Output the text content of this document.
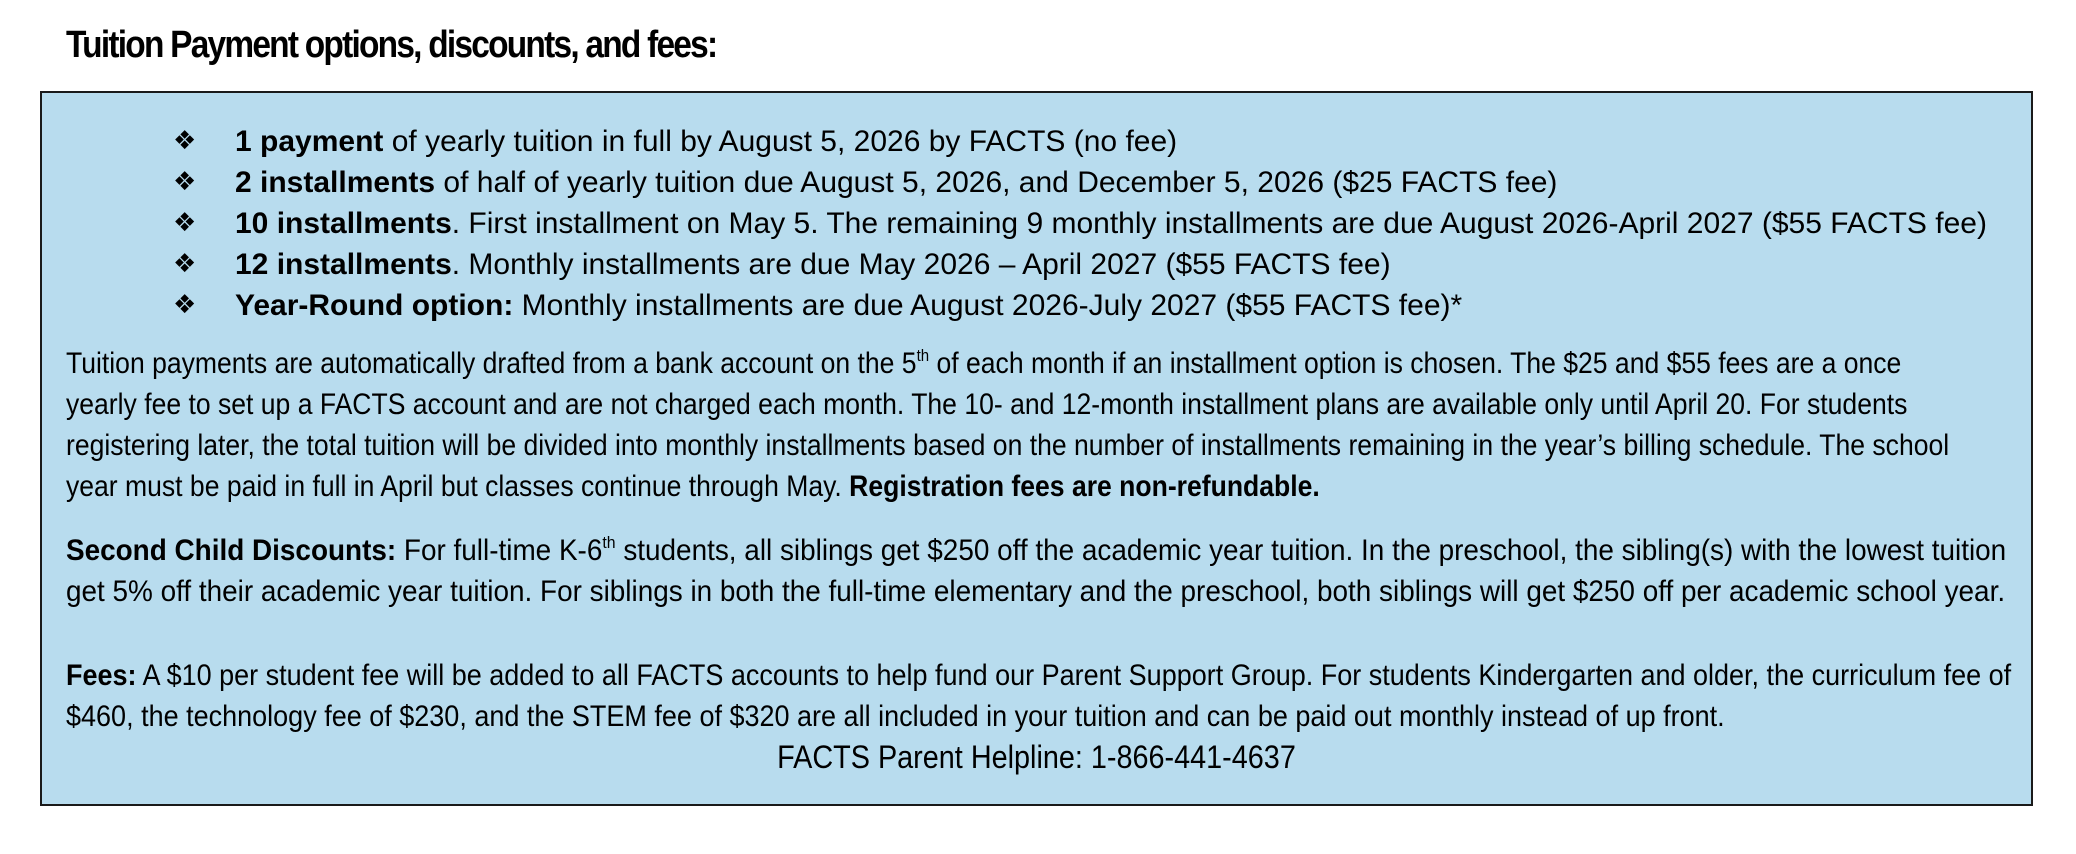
Tuition Payment options, discounts, and fees:
❖ 1 payment of yearly tuition in full by August 5, 2026 by FACTS (no fee)
❖ 2 installments of half of yearly tuition due August 5, 2026, and December 5, 2026 ($25 FACTS fee)
❖ 10 installments. First installment on May 5. The remaining 9 monthly installments are due August 2026-April 2027 ($55 FACTS fee)
❖ 12 installments. Monthly installments are due May 2026 – April 2027 ($55 FACTS fee)
❖ Year-Round option: Monthly installments are due August 2026-July 2027 ($55 FACTS fee)*

Tuition payments are automatically drafted from a bank account on the 5th of each month if an installment option is chosen. The $25 and $55 fees are a once
yearly fee to set up a FACTS account and are not charged each month. The 10- and 12-month installment plans are available only until April 20. For students
registering later, the total tuition will be divided into monthly installments based on the number of installments remaining in the year’s billing schedule. The school
year must be paid in full in April but classes continue through May. Registration fees are non-refundable.

Second Child Discounts: For full-time K-6th students, all siblings get $250 off the academic year tuition. In the preschool, the sibling(s) with the lowest tuition
get 5% off their academic year tuition. For siblings in both the full-time elementary and the preschool, both siblings will get $250 off per academic school year.

Fees: A $10 per student fee will be added to all FACTS accounts to help fund our Parent Support Group. For students Kindergarten and older, the curriculum fee of
$460, the technology fee of $230, and the STEM fee of $320 are all included in your tuition and can be paid out monthly instead of up front.

FACTS Parent Helpline: 1-866-441-4637
